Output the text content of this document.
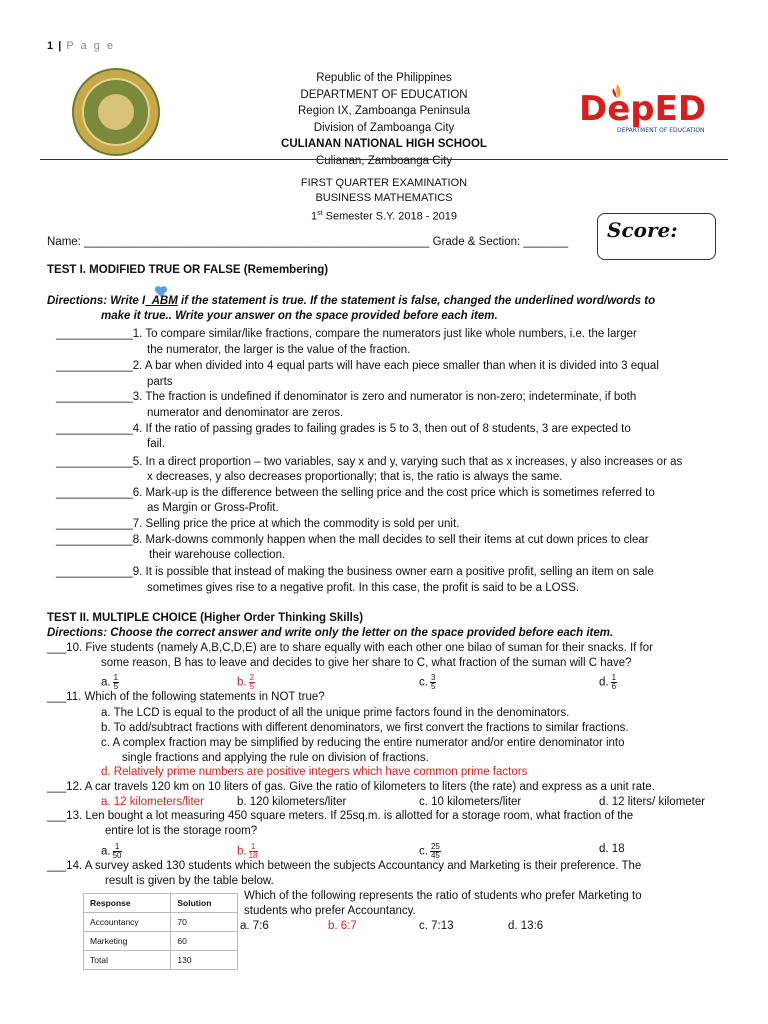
1 | P a g e
Republic of the Philippines
DEPARTMENT OF EDUCATION
Region IX, Zamboanga Peninsula
Division of Zamboanga City
CULIANAN NATIONAL HIGH SCHOOL
Culianan, Zamboanga City
DepED
DEPARTMENT OF EDUCATION
FIRST QUARTER EXAMINATION
BUSINESS MATHEMATICS
1st Semester S.Y. 2018 - 2019
Score:
Name: ______________________________________________________ Grade & Section: _______
TEST I. MODIFIED TRUE OR FALSE (Remembering)
Directions: Write I ABM if the statement is true. If the statement is false, changed the underlined word/words to
make it true.. Write your answer on the space provided before each item.
____________1. To compare similar/like fractions, compare the numerators just like whole numbers, i.e. the larger
the numerator, the larger is the value of the fraction.
____________2. A bar when divided into 4 equal parts will have each piece smaller than when it is divided into 3 equal
parts
____________3. The fraction is undefined if denominator is zero and numerator is non-zero; indeterminate, if both
numerator and denominator are zeros.
____________4. If the ratio of passing grades to failing grades is 5 to 3, then out of 8 students, 3 are expected to
fail.
____________5. In a direct proportion – two variables, say x and y, varying such that as x increases, y also increases or as
x decreases, y also decreases proportionally; that is, the ratio is always the same.
____________6. Mark-up is the difference between the selling price and the cost price which is sometimes referred to
as Margin or Gross-Profit.
____________7. Selling price the price at which the commodity is sold per unit.
____________8. Mark-downs commonly happen when the mall decides to sell their items at cut down prices to clear
their warehouse collection.
____________9. It is possible that instead of making the business owner earn a positive profit, selling an item on sale
sometimes gives rise to a negative profit. In this case, the profit is said to be a LOSS.
TEST II. MULTIPLE CHOICE (Higher Order Thinking Skills)
Directions: Choose the correct answer and write only the letter on the space provided before each item.
___10. Five students (namely A,B,C,D,E) are to share equally with each other one bilao of suman for their snacks. If for
some reason, B has to leave and decides to give her share to C, what fraction of the suman will C have?
a. $\frac{1}{5}$	b. $\frac{2}{5}$	c. $\frac{3}{5}$	d. $\frac{1}{6}$
___11. Which of the following statements in NOT true?
a. The LCD is equal to the product of all the unique prime factors found in the denominators.
b. To add/subtract fractions with different denominators, we first convert the fractions to similar fractions.
c. A complex fraction may be simplified by reducing the entire numerator and/or entire denominator into
single fractions and applying the rule on division of fractions.
d. Relatively prime numbers are positive integers which have common prime factors
___12. A car travels 120 km on 10 liters of gas. Give the ratio of kilometers to liters (the rate) and express as a unit rate.
a. 12 kilometers/liter	b. 120 kilometers/liter	c. 10 kilometers/liter	d. 12 liters/ kilometer
___13. Len bought a lot measuring 450 square meters. If 25sq.m. is allotted for a storage room, what fraction of the
entire lot is the storage room?
a. $\frac{1}{50}$	b. $\frac{1}{18}$	c. $\frac{25}{45}$	d. 18
___14. A survey asked 130 students which between the subjects Accountancy and Marketing is their preference. The
result is given by the table below.
Response	Solution
Accountancy	70
Marketing	60
Total	130
Which of the following represents the ratio of students who prefer Marketing to
students who prefer Accountancy.
a. 7:6	b. 6:7	c. 7:13	d. 13:6
